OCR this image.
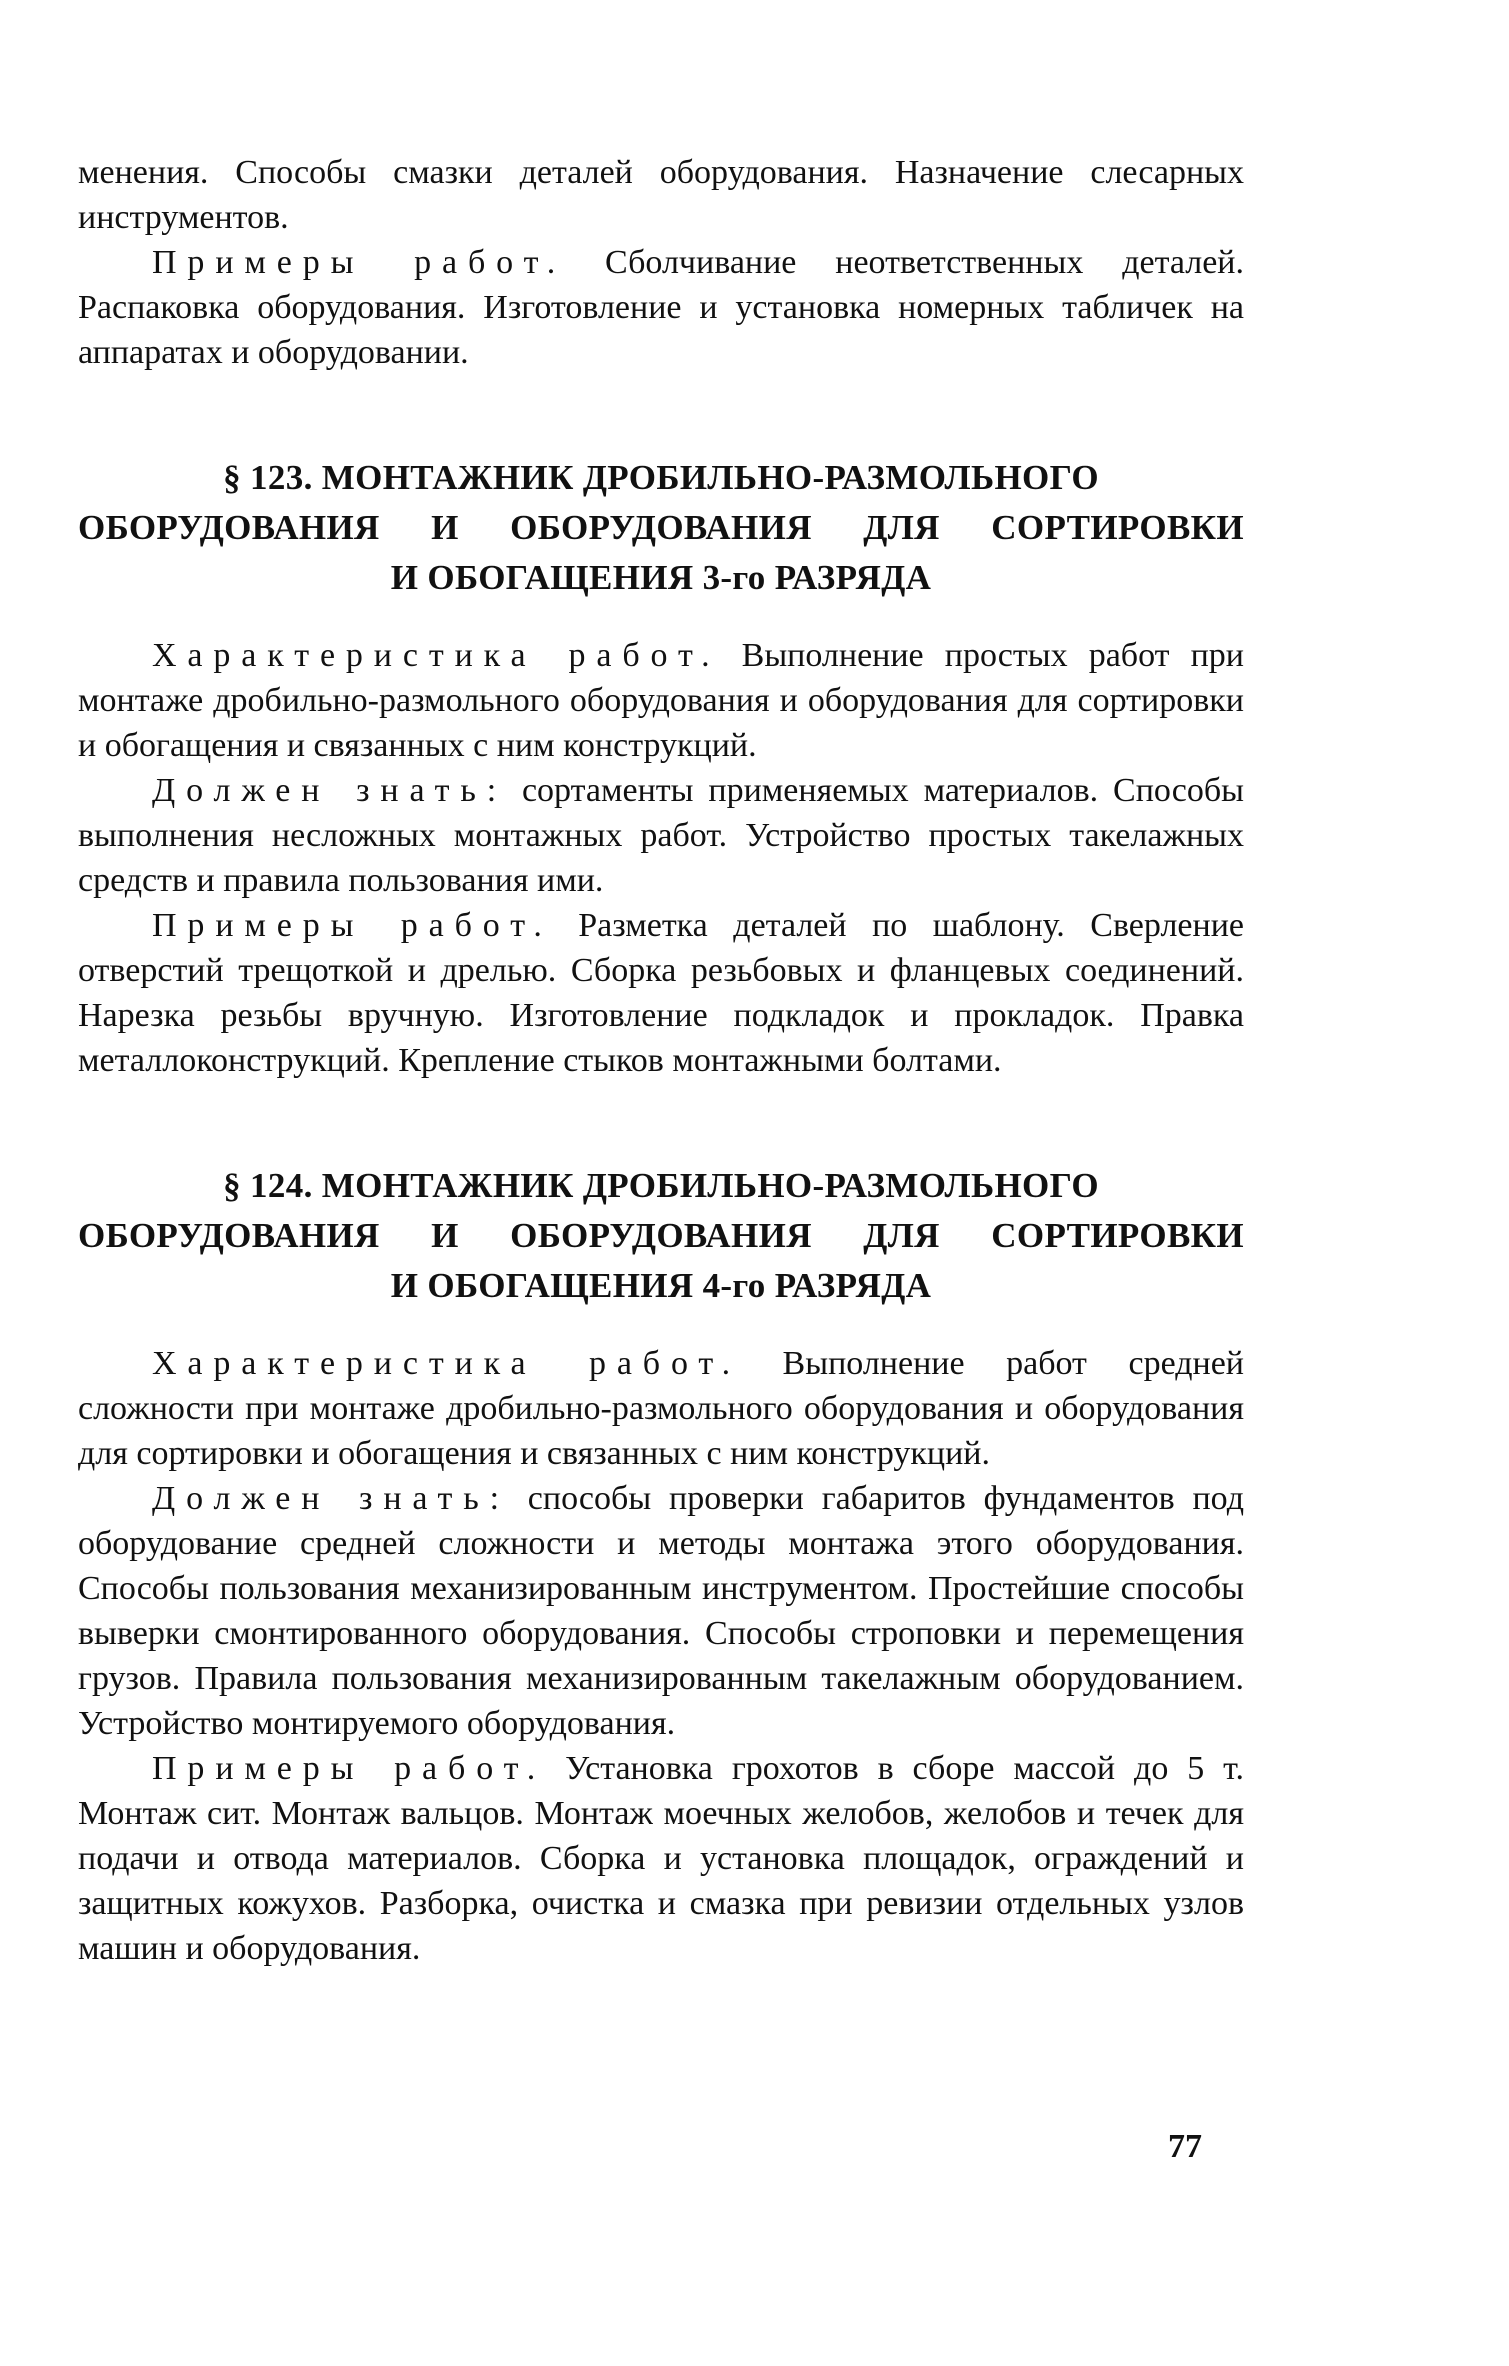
менения. Способы смазки деталей оборудования. Назначение слесарных инструментов.

Примеры работ. Сболчивание неответственных деталей. Распаковка оборудования. Изготовление и установка номерных табличек на аппаратах и оборудовании.

§ 123. МОНТАЖНИК ДРОБИЛЬНО-РАЗМОЛЬНОГО
ОБОРУДОВАНИЯ И ОБОРУДОВАНИЯ ДЛЯ СОРТИРОВКИ
И ОБОГАЩЕНИЯ 3-го РАЗРЯДА

Характеристика работ. Выполнение простых работ при монтаже дробильно-размольного оборудования и оборудования для сортировки и обогащения и связанных с ним конструкций.

Должен знать: сортаменты применяемых материалов. Способы выполнения несложных монтажных работ. Устройство простых такелажных средств и правила пользования ими.

Примеры работ. Разметка деталей по шаблону. Сверление отверстий трещоткой и дрелью. Сборка резьбовых и фланцевых соединений. Нарезка резьбы вручную. Изготовление подкладок и прокладок. Правка металлоконструкций. Крепление стыков монтажными болтами.

§ 124. МОНТАЖНИК ДРОБИЛЬНО-РАЗМОЛЬНОГО
ОБОРУДОВАНИЯ И ОБОРУДОВАНИЯ ДЛЯ СОРТИРОВКИ
И ОБОГАЩЕНИЯ 4-го РАЗРЯДА

Характеристика работ. Выполнение работ средней сложности при монтаже дробильно-размольного оборудования и оборудования для сортировки и обогащения и связанных с ним конструкций.

Должен знать: способы проверки габаритов фундаментов под оборудование средней сложности и методы монтажа этого оборудования. Способы пользования механизированным инструментом. Простейшие способы выверки смонтированного оборудования. Способы строповки и перемещения грузов. Правила пользования механизированным такелажным оборудованием. Устройство монтируемого оборудования.

Примеры работ. Установка грохотов в сборе массой до 5 т. Монтаж сит. Монтаж вальцов. Монтаж моечных желобов, желобов и течек для подачи и отвода материалов. Сборка и установка площадок, ограждений и защитных кожухов. Разборка, очистка и смазка при ревизии отдельных узлов машин и оборудования.

77
